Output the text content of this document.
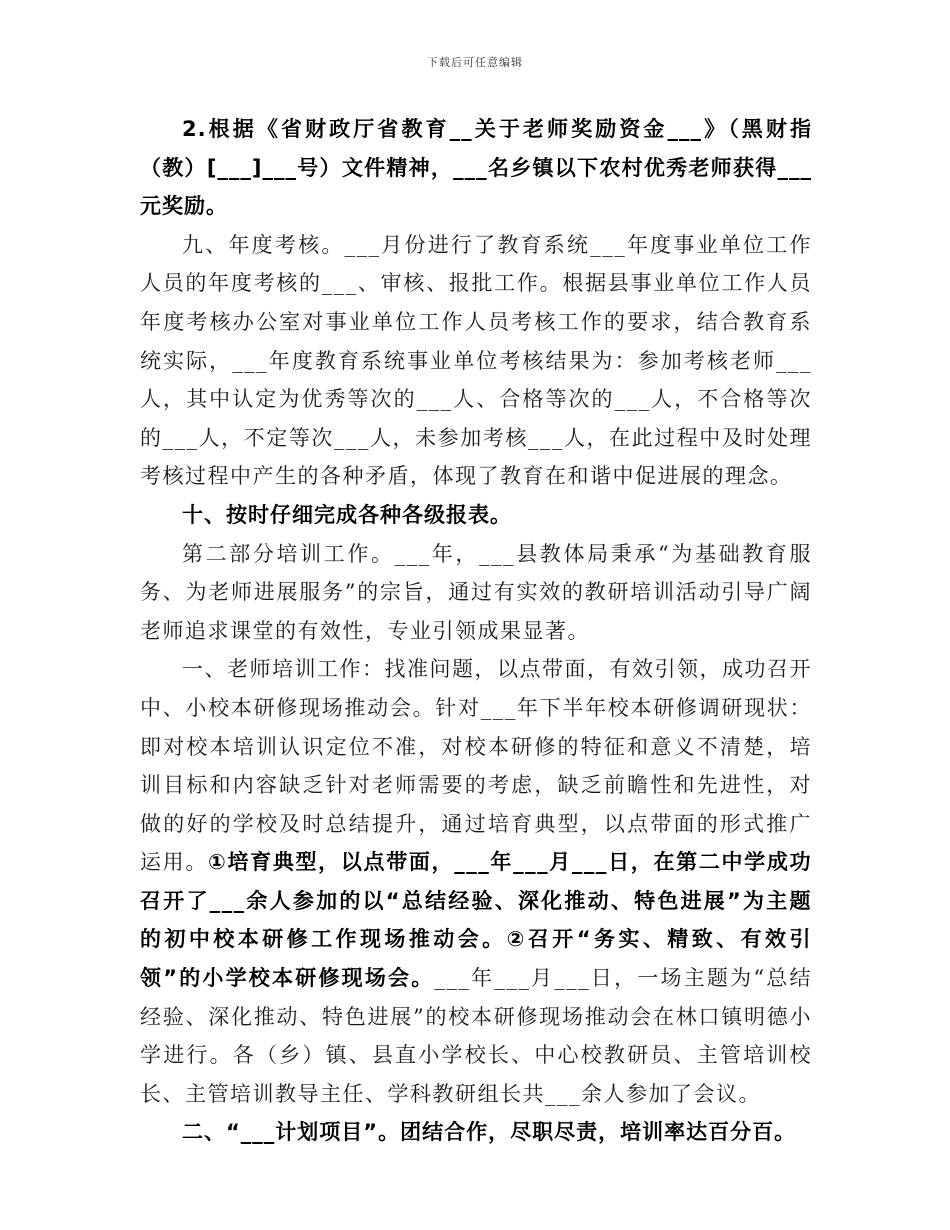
下载后可任意编辑

2.根据《省财政厅省教育__关于老师奖励资金___》（黑财指（教）[___]___号）文件精神，___名乡镇以下农村优秀老师获得___元奖励。

九、年度考核。___月份进行了教育系统___年度事业单位工作人员的年度考核的___、审核、报批工作。根据县事业单位工作人员年度考核办公室对事业单位工作人员考核工作的要求，结合教育系统实际，___年度教育系统事业单位考核结果为：参加考核老师___人，其中认定为优秀等次的___人、合格等次的___人，不合格等次的___人，不定等次___人，未参加考核___人，在此过程中及时处理考核过程中产生的各种矛盾，体现了教育在和谐中促进展的理念。

十、按时仔细完成各种各级报表。

第二部分培训工作。___年，___县教体局秉承“为基础教育服务、为老师进展服务”的宗旨，通过有实效的教研培训活动引导广阔老师追求课堂的有效性，专业引领成果显著。

一、老师培训工作：找准问题，以点带面，有效引领，成功召开中、小校本研修现场推动会。针对___年下半年校本研修调研现状：即对校本培训认识定位不准，对校本研修的特征和意义不清楚，培训目标和内容缺乏针对老师需要的考虑，缺乏前瞻性和先进性，对做的好的学校及时总结提升，通过培育典型，以点带面的形式推广运用。①培育典型，以点带面，___年___月___日，在第二中学成功召开了___余人参加的以“总结经验、深化推动、特色进展”为主题的初中校本研修工作现场推动会。②召开“务实、精致、有效引领”的小学校本研修现场会。___年___月___日，一场主题为“总结经验、深化推动、特色进展”的校本研修现场推动会在林口镇明德小学进行。各（乡）镇、县直小学校长、中心校教研员、主管培训校长、主管培训教导主任、学科教研组长共___余人参加了会议。

二、“___计划项目”。团结合作，尽职尽责，培训率达百分百。
